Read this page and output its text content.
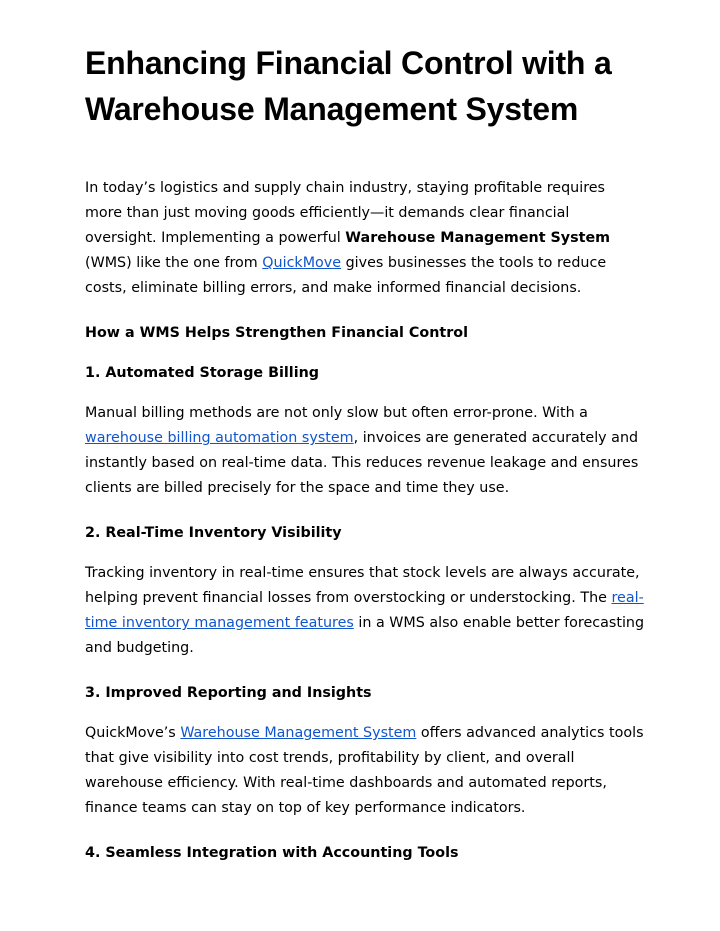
Enhancing Financial Control with a Warehouse Management System

In today’s logistics and supply chain industry, staying profitable requires more than just moving goods efficiently—it demands clear financial oversight. Implementing a powerful Warehouse Management System (WMS) like the one from QuickMove gives businesses the tools to reduce costs, eliminate billing errors, and make informed financial decisions.

How a WMS Helps Strengthen Financial Control

1. Automated Storage Billing

Manual billing methods are not only slow but often error-prone. With a warehouse billing automation system, invoices are generated accurately and instantly based on real-time data. This reduces revenue leakage and ensures clients are billed precisely for the space and time they use.

2. Real-Time Inventory Visibility

Tracking inventory in real-time ensures that stock levels are always accurate, helping prevent financial losses from overstocking or understocking. The real-time inventory management features in a WMS also enable better forecasting and budgeting.

3. Improved Reporting and Insights

QuickMove’s Warehouse Management System offers advanced analytics tools that give visibility into cost trends, profitability by client, and overall warehouse efficiency. With real-time dashboards and automated reports, finance teams can stay on top of key performance indicators.

4. Seamless Integration with Accounting Tools
